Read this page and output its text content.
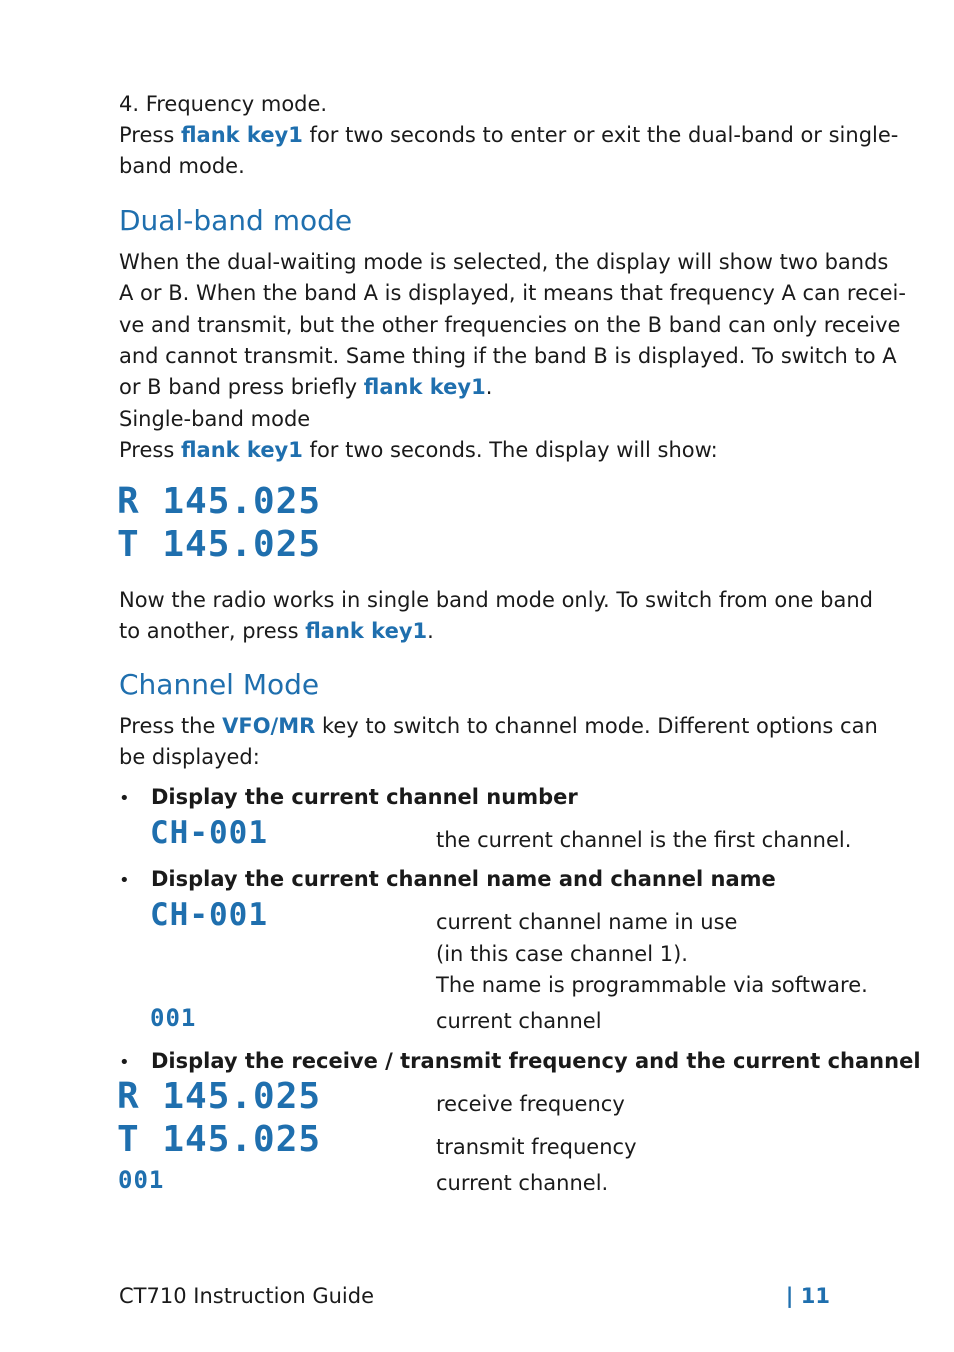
4. Frequency mode.
Press flank key1 for two seconds to enter or exit the dual-band or single-
band mode.
Dual-band mode
When the dual-waiting mode is selected, the display will show two bands
A or B. When the band A is displayed, it means that frequency A can recei-
ve and transmit, but the other frequencies on the B band can only receive
and cannot transmit. Same thing if the band B is displayed. To switch to A
or B band press briefly flank key1.
Single-band mode
Press flank key1 for two seconds. The display will show:
R 145.025
T 145.025
Now the radio works in single band mode only. To switch from one band
to another, press flank key1.
Channel Mode
Press the VFO/MR key to switch to channel mode. Different options can
be displayed:
• Display the current channel number
CH-001	the current channel is the first channel.
• Display the current channel name and channel name
CH-001	current channel name in use
(in this case channel 1).
The name is programmable via software.
001	current channel
• Display the receive / transmit frequency and the current channel
R 145.025	receive frequency
T 145.025	transmit frequency
001	current channel.
CT710 Instruction Guide	| 11
